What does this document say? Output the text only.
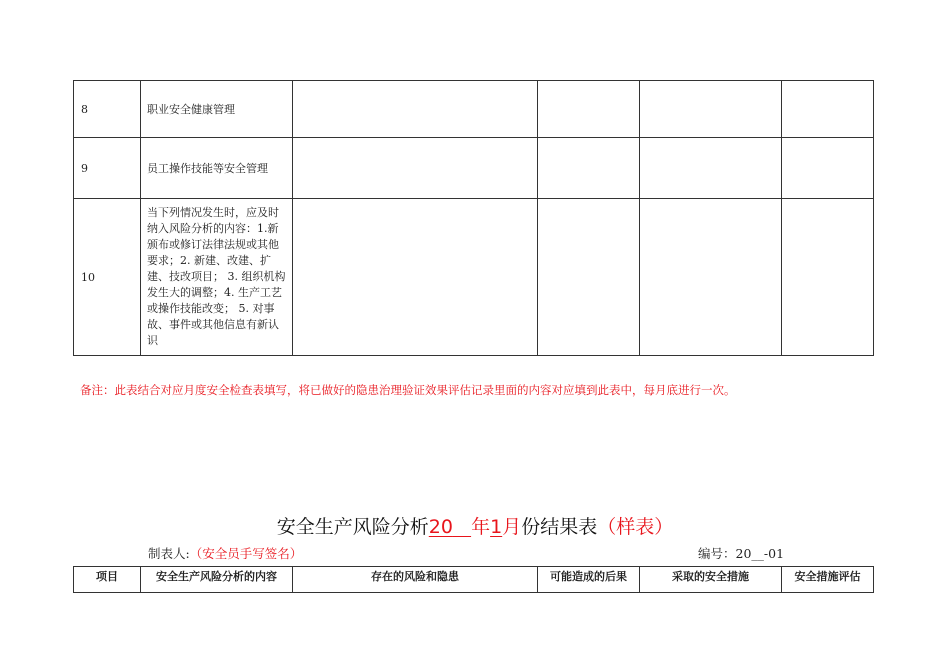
8	职业安全健康管理				
9	员工操作技能等安全管理				
10	当下列情况发生时，应及时纳入风险分析的内容：1.新颁布或修订法律法规或其他要求；2. 新建、改建、扩建、技改项目； 3. 组织机构发生大的调整；4. 生产工艺或操作技能改变； 5. 对事故、事件或其他信息有新认识				
备注：此表结合对应月度安全检查表填写，将已做好的隐患治理验证效果评估记录里面的内容对应填到此表中，每月底进行一次。
安全生产风险分析20 年1月份结果表（样表）
制表人:（安全员手写签名）	编号：20__-01
项目	安全生产风险分析的内容	存在的风险和隐患	可能造成的后果	采取的安全措施	安全措施评估
